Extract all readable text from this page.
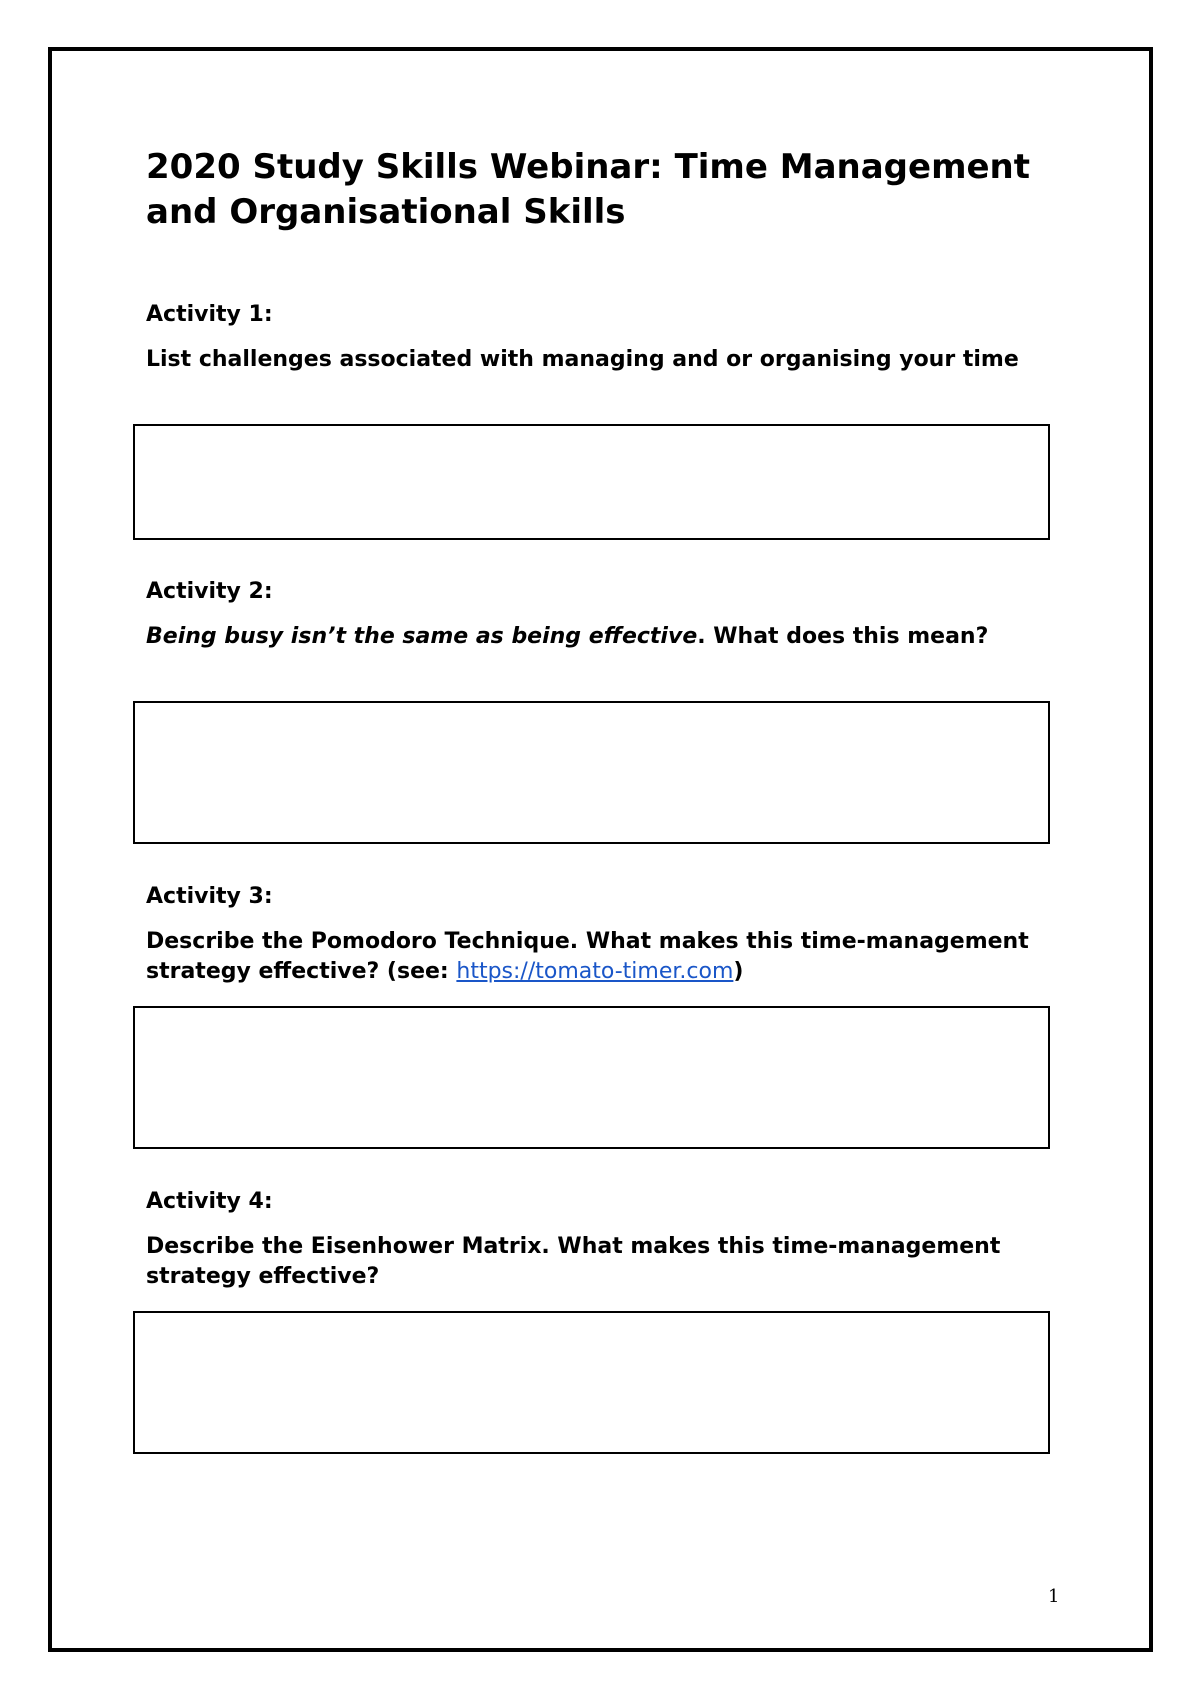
2020 Study Skills Webinar: Time Management and Organisational Skills

Activity 1:

List challenges associated with managing and or organising your time

Activity 2:

Being busy isn’t the same as being effective. What does this mean?

Activity 3:

Describe the Pomodoro Technique. What makes this time-management strategy effective? (see: https://tomato-timer.com)

Activity 4:

Describe the Eisenhower Matrix. What makes this time-management strategy effective?

1
